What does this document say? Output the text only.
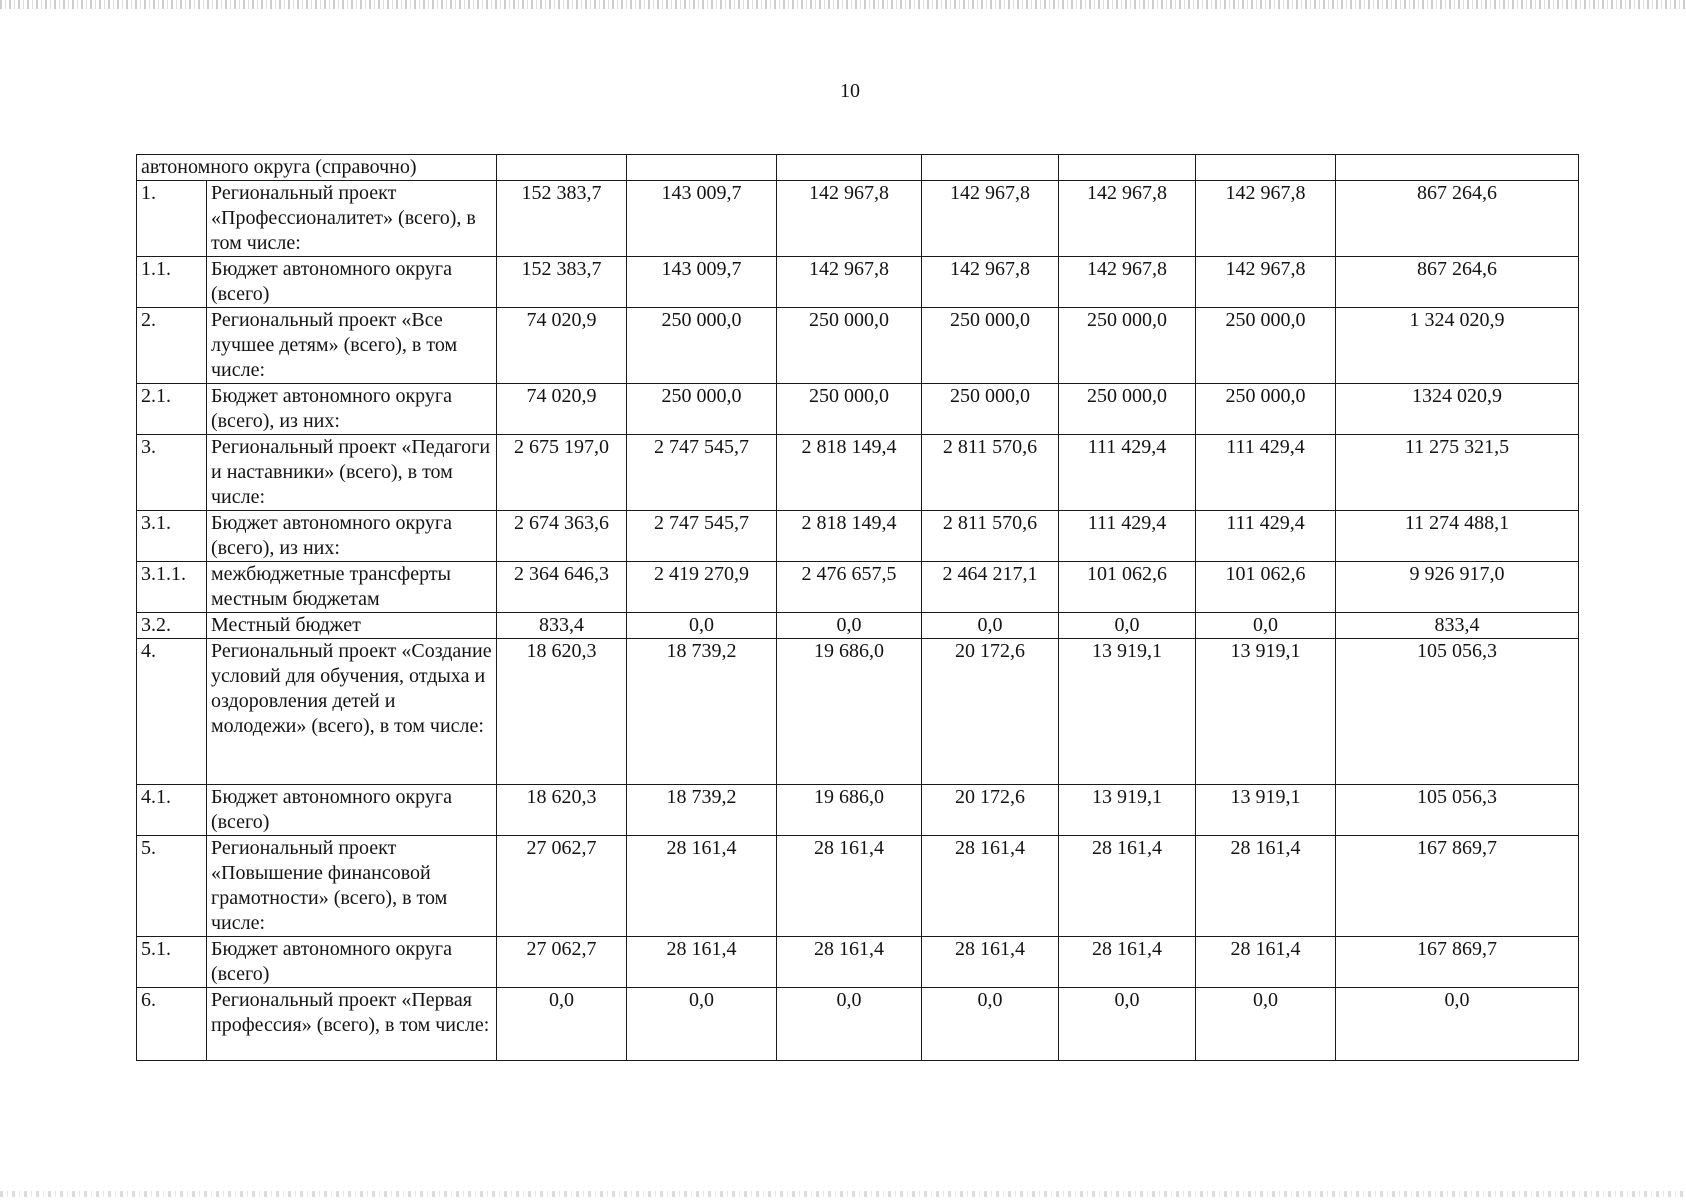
10
автономного округа (справочно)								
1.	Региональный проект «Профессионалитет» (всего), в том числе:	152 383,7	143 009,7	142 967,8	142 967,8	142 967,8	142 967,8	867 264,6
1.1.	Бюджет автономного округа (всего)	152 383,7	143 009,7	142 967,8	142 967,8	142 967,8	142 967,8	867 264,6
2.	Региональный проект «Все лучшее детям» (всего), в том числе:	74 020,9	250 000,0	250 000,0	250 000,0	250 000,0	250 000,0	1 324 020,9
2.1.	Бюджет автономного округа (всего), из них:	74 020,9	250 000,0	250 000,0	250 000,0	250 000,0	250 000,0	1324 020,9
3.	Региональный проект «Педагоги и наставники» (всего), в том числе:	2 675 197,0	2 747 545,7	2 818 149,4	2 811 570,6	111 429,4	111 429,4	11 275 321,5
3.1.	Бюджет автономного округа (всего), из них:	2 674 363,6	2 747 545,7	2 818 149,4	2 811 570,6	111 429,4	111 429,4	11 274 488,1
3.1.1.	межбюджетные трансферты местным бюджетам	2 364 646,3	2 419 270,9	2 476 657,5	2 464 217,1	101 062,6	101 062,6	9 926 917,0
3.2.	Местный бюджет	833,4	0,0	0,0	0,0	0,0	0,0	833,4
4.	Региональный проект «Создание условий для обучения, отдыха и оздоровления детей и молодежи» (всего), в том числе:	18 620,3	18 739,2	19 686,0	20 172,6	13 919,1	13 919,1	105 056,3
4.1.	Бюджет автономного округа (всего)	18 620,3	18 739,2	19 686,0	20 172,6	13 919,1	13 919,1	105 056,3
5.	Региональный проект «Повышение финансовой грамотности» (всего), в том числе:	27 062,7	28 161,4	28 161,4	28 161,4	28 161,4	28 161,4	167 869,7
5.1.	Бюджет автономного округа (всего)	27 062,7	28 161,4	28 161,4	28 161,4	28 161,4	28 161,4	167 869,7
6.	Региональный проект «Первая профессия» (всего), в том числе:	0,0	0,0	0,0	0,0	0,0	0,0	0,0
